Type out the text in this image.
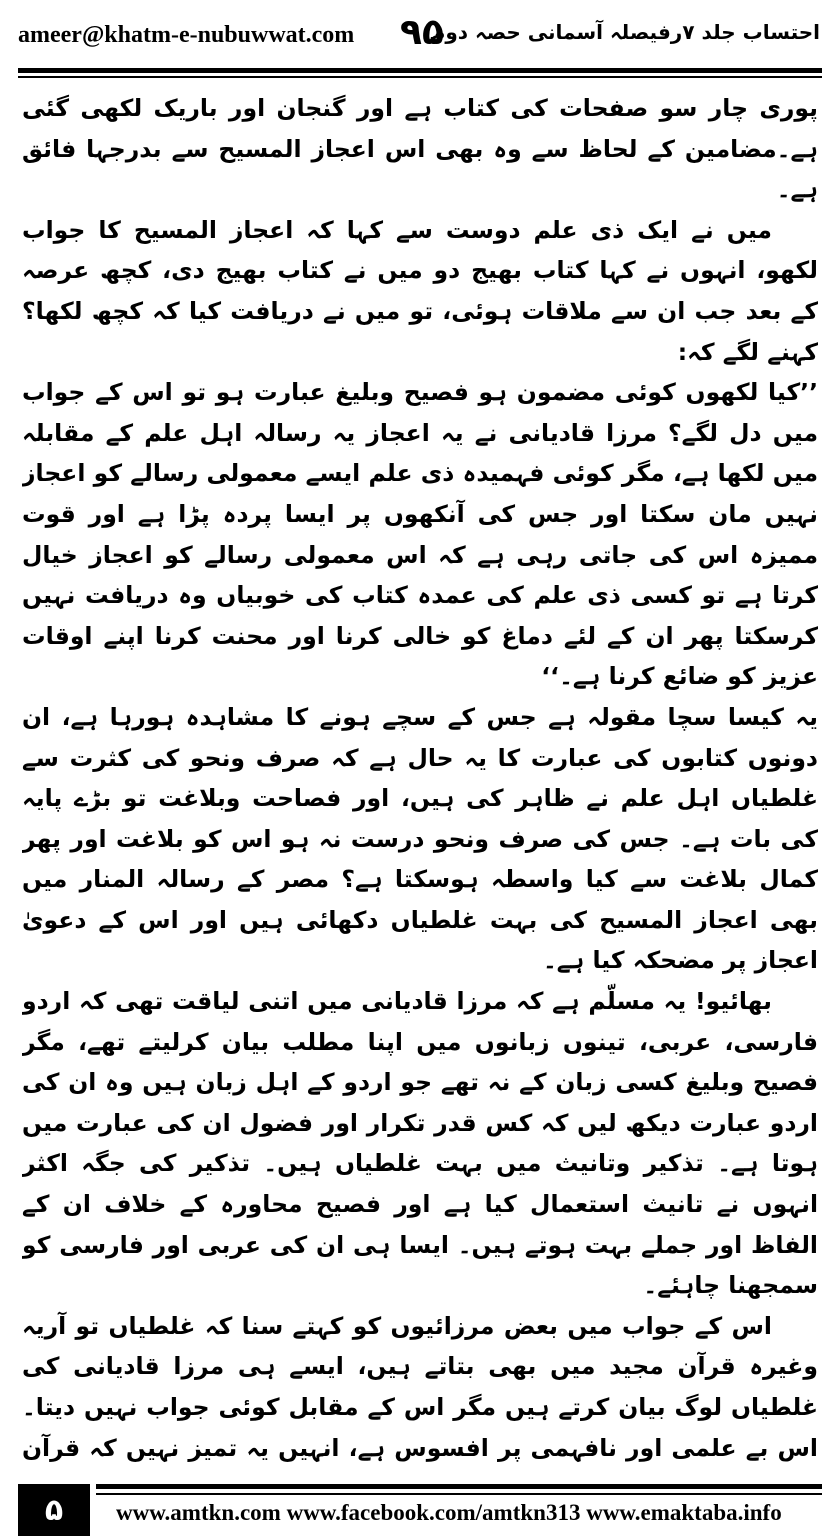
ameer@khatm-e-nubuwwat.com ۹۵
احتساب جلد ۷رفیصلہ آسمانی حصہ دوم

پوری چار سو صفحات کی کتاب ہے اور گنجان اور باریک لکھی گئی ہے۔مضامین کے لحاظ سے وہ بھی اس اعجاز المسیح سے بدرجہا فائق ہے۔

میں نے ایک ذی علم دوست سے کہا کہ اعجاز المسیح کا جواب لکھو، انہوں نے کہا کتاب بھیج دو میں نے کتاب بھیج دی، کچھ عرصہ کے بعد جب ان سے ملاقات ہوئی، تو میں نے دریافت کیا کہ کچھ لکھا؟ کہنے لگے کہ:

’’کیا لکھوں کوئی مضمون ہو فصیح وبلیغ عبارت ہو تو اس کے جواب میں دل لگے؟ مرزا قادیانی نے یہ اعجاز یہ رسالہ اہل علم کے مقابلہ میں لکھا ہے، مگر کوئی فہمیدہ ذی علم ایسے معمولی رسالے کو اعجاز نہیں مان سکتا اور جس کی آنکھوں پر ایسا پردہ پڑا ہے اور قوت ممیزہ اس کی جاتی رہی ہے کہ اس معمولی رسالے کو اعجاز خیال کرتا ہے تو کسی ذی علم کی عمدہ کتاب کی خوبیاں وہ دریافت نہیں کرسکتا پھر ان کے لئے دماغ کو خالی کرنا اور محنت کرنا اپنے اوقات عزیز کو ضائع کرنا ہے۔‘‘

یہ کیسا سچا مقولہ ہے جس کے سچے ہونے کا مشاہدہ ہورہا ہے، ان دونوں کتابوں کی عبارت کا یہ حال ہے کہ صرف ونحو کی کثرت سے غلطیاں اہل علم نے ظاہر کی ہیں، اور فصاحت وبلاغت تو بڑے پایہ کی بات ہے۔ جس کی صرف ونحو درست نہ ہو اس کو بلاغت اور پھر کمال بلاغت سے کیا واسطہ ہوسکتا ہے؟ مصر کے رسالہ المنار میں بھی اعجاز المسیح کی بہت غلطیاں دکھائی ہیں اور اس کے دعویٰ اعجاز پر مضحکہ کیا ہے۔

بھائیو! یہ مسلّم ہے کہ مرزا قادیانی میں اتنی لیاقت تھی کہ اردو فارسی، عربی، تینوں زبانوں میں اپنا مطلب بیان کرلیتے تھے، مگر فصیح وبلیغ کسی زبان کے نہ تھے جو اردو کے اہل زبان ہیں وہ ان کی اردو عبارت دیکھ لیں کہ کس قدر تکرار اور فضول ان کی عبارت میں ہوتا ہے۔ تذکیر وتانیث میں بہت غلطیاں ہیں۔ تذکیر کی جگہ اکثر انہوں نے تانیث استعمال کیا ہے اور فصیح محاورہ کے خلاف ان کے الفاظ اور جملے بہت ہوتے ہیں۔ ایسا ہی ان کی عربی اور فارسی کو سمجھنا چاہئے۔

اس کے جواب میں بعض مرزائیوں کو کہتے سنا کہ غلطیاں تو آریہ وغیرہ قرآن مجید میں بھی بتاتے ہیں، ایسے ہی مرزا قادیانی کی غلطیاں لوگ بیان کرتے ہیں مگر اس کے مقابل کوئی جواب نہیں دیتا۔ اس بے علمی اور نافہمی پر افسوس ہے، انہیں یہ تمیز نہیں کہ قرآن

۵	www.amtkn.com www.facebook.com/amtkn313 www.emaktaba.info
